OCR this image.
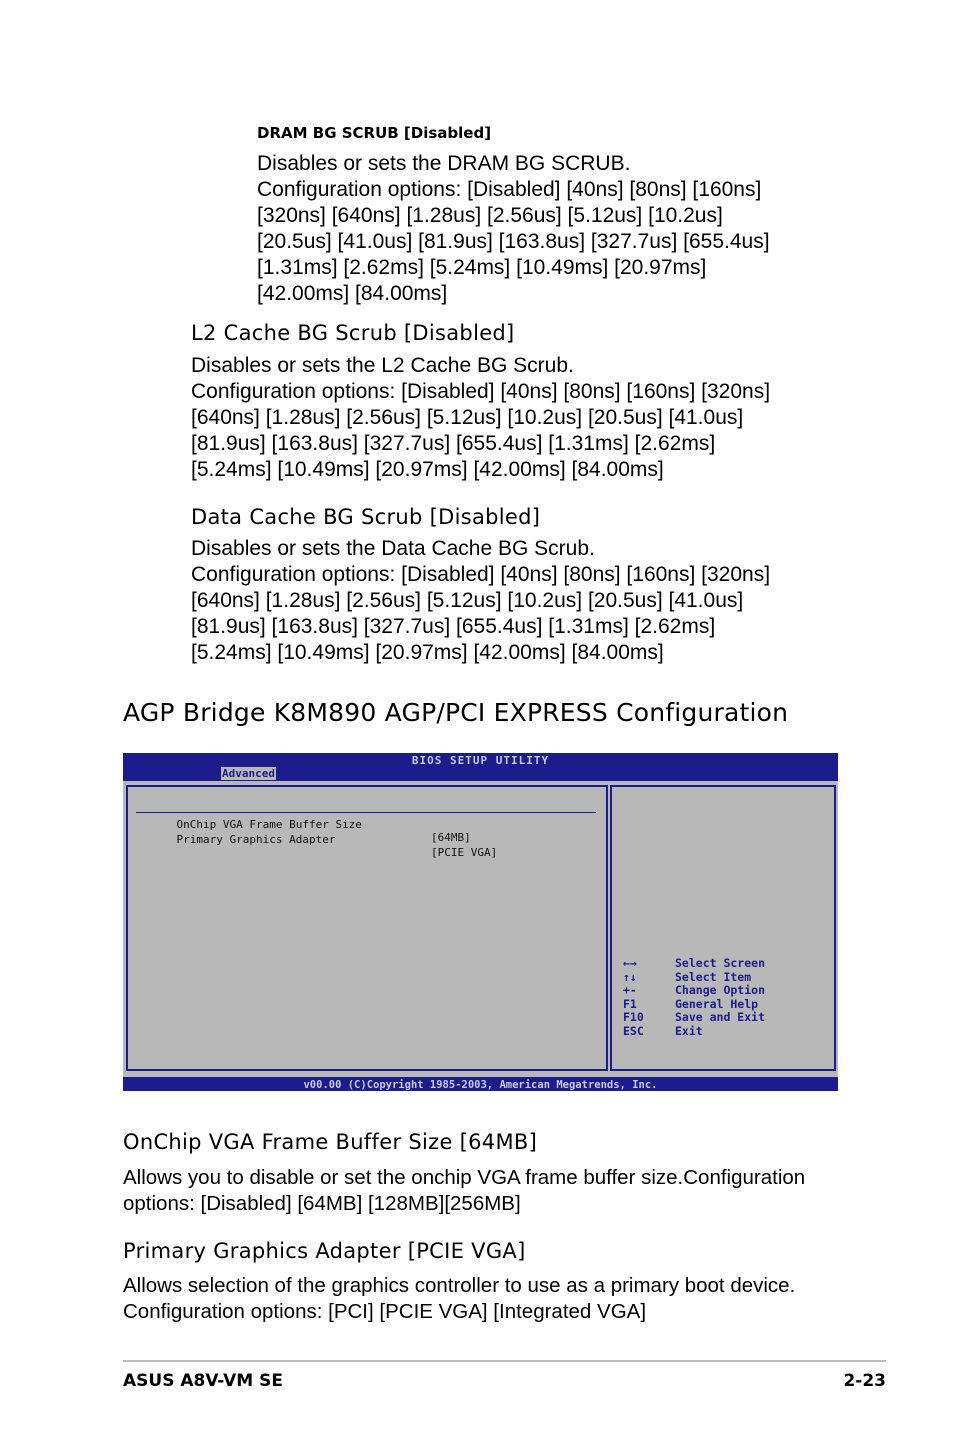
DRAM BG SCRUB [Disabled]
Disables or sets the DRAM BG SCRUB.
Configuration options: [Disabled] [40ns] [80ns] [160ns]
[320ns] [640ns] [1.28us] [2.56us] [5.12us] [10.2us]
[20.5us] [41.0us] [81.9us] [163.8us] [327.7us] [655.4us]
[1.31ms] [2.62ms] [5.24ms] [10.49ms] [20.97ms]
[42.00ms] [84.00ms]
L2 Cache BG Scrub [Disabled]
Disables or sets the L2 Cache BG Scrub.
Configuration options: [Disabled] [40ns] [80ns] [160ns] [320ns]
[640ns] [1.28us] [2.56us] [5.12us] [10.2us] [20.5us] [41.0us]
[81.9us] [163.8us] [327.7us] [655.4us] [1.31ms] [2.62ms]
[5.24ms] [10.49ms] [20.97ms] [42.00ms] [84.00ms]
Data Cache BG Scrub [Disabled]
Disables or sets the Data Cache BG Scrub.
Configuration options: [Disabled] [40ns] [80ns] [160ns] [320ns]
[640ns] [1.28us] [2.56us] [5.12us] [10.2us] [20.5us] [41.0us]
[81.9us] [163.8us] [327.7us] [655.4us] [1.31ms] [2.62ms]
[5.24ms] [10.49ms] [20.97ms] [42.00ms] [84.00ms]
AGP Bridge K8M890 AGP/PCI EXPRESS Configuration
BIOS SETUP UTILITY
Advanced

OnChip VGA Frame Buffer Size

[64MB]

Primary Graphics Adapter

[PCIE VGA]

←→	Select Screen
↑↓	Select Item
+-	Change Option
F1	General Help
F10	Save and Exit
ESC	Exit
v00.00 (C)Copyright 1985-2003, American Megatrends, Inc.
OnChip VGA Frame Buffer Size [64MB]
Allows you to disable or set the onchip VGA frame buffer size.Configuration
options: [Disabled] [64MB] [128MB][256MB]
Primary Graphics Adapter [PCIE VGA]
Allows selection of the graphics controller to use as a primary boot device.
Configuration options: [PCI] [PCIE VGA] [Integrated VGA]
ASUS A8V-VM SE	2-23
